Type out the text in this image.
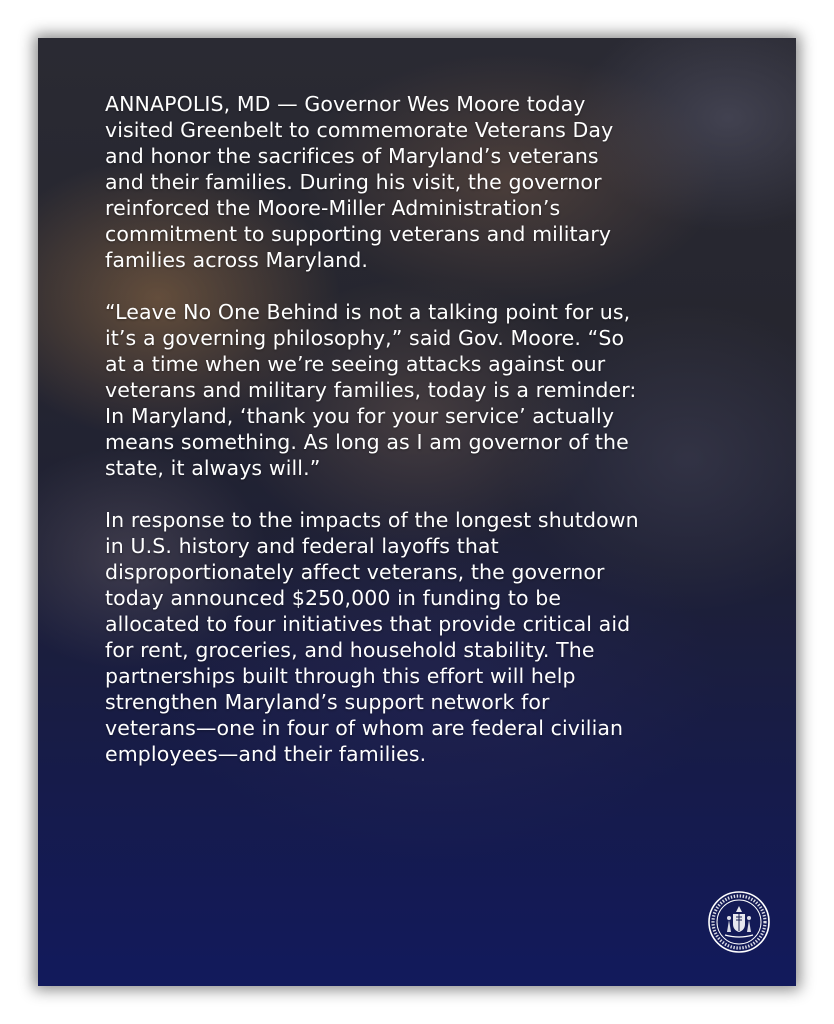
ANNAPOLIS, MD — Governor Wes Moore today
visited Greenbelt to commemorate Veterans Day
and honor the sacrifices of Maryland’s veterans
and their families. During his visit, the governor
reinforced the Moore-Miller Administration’s
commitment to supporting veterans and military
families across Maryland.

“Leave No One Behind is not a talking point for us,
it’s a governing philosophy,” said Gov. Moore. “So
at a time when we’re seeing attacks against our
veterans and military families, today is a reminder:
In Maryland, ‘thank you for your service’ actually
means something. As long as I am governor of the
state, it always will.”

In response to the impacts of the longest shutdown
in U.S. history and federal layoffs that
disproportionately affect veterans, the governor
today announced $250,000 in funding to be
allocated to four initiatives that provide critical aid
for rent, groceries, and household stability. The
partnerships built through this effort will help
strengthen Maryland’s support network for
veterans—one in four of whom are federal civilian
employees—and their families.
